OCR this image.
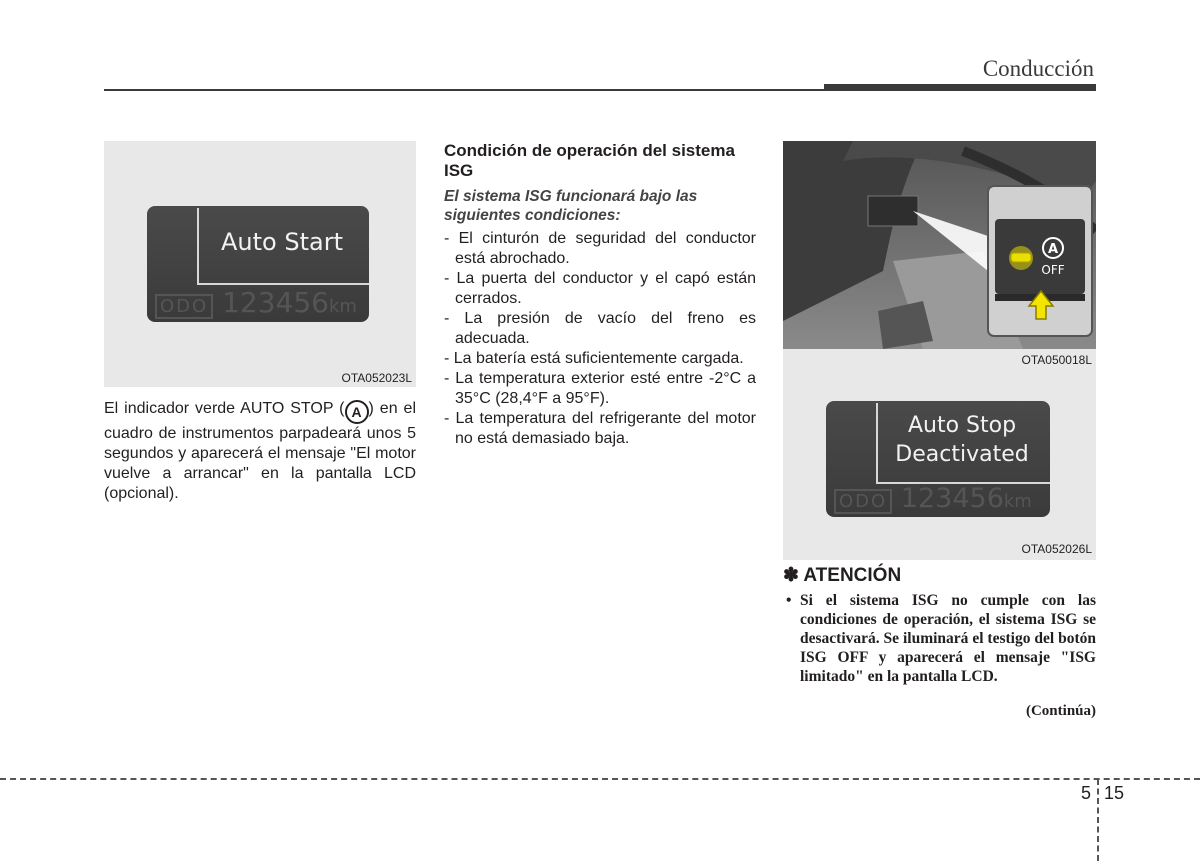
Conducción
Auto Start
ODO 123456km
OTA052023L
El indicador verde AUTO STOP ( A ) en el cuadro de instrumentos parpadeará unos 5 segundos y aparecerá el mensaje "El motor vuelve a arrancar" en la pantalla LCD (opcional).
Condición de operación del sistema ISG
El sistema ISG funcionará bajo las siguientes condiciones:
- El cinturón de seguridad del conductor está abrochado.
- La puerta del conductor y el capó están cerrados.
- La presión de vacío del freno es adecuada.
- La batería está suficientemente cargada.
- La temperatura exterior esté entre -2°C a 35°C (28,4°F a 95°F).
- La temperatura del refrigerante del motor no está demasiado baja.
A
OFF
OTA050018L
Auto Stop
Deactivated
ODO 123456km
OTA052026L
✽ ATENCIÓN
• Si el sistema ISG no cumple con las condiciones de operación, el sistema ISG se desactivará. Se iluminará el testigo del botón ISG OFF y aparecerá el mensaje "ISG limitado" en la pantalla LCD.
(Continúa)
5 15
